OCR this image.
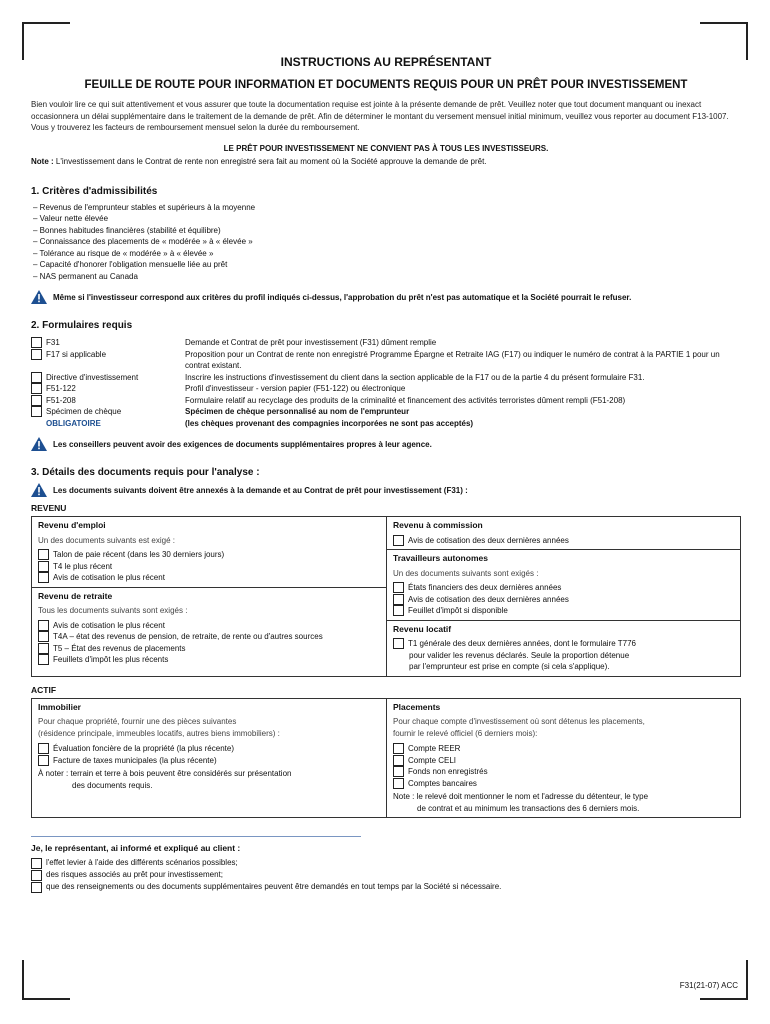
INSTRUCTIONS AU REPRÉSENTANT
FEUILLE DE ROUTE POUR INFORMATION ET DOCUMENTS REQUIS POUR UN PRÊT POUR INVESTISSEMENT
Bien vouloir lire ce qui suit attentivement et vous assurer que toute la documentation requise est jointe à la présente demande de prêt. Veuillez noter que tout document manquant ou inexact occasionnera un délai supplémentaire dans le traitement de la demande de prêt. Afin de déterminer le montant du versement mensuel initial minimum, veuillez vous reporter au document F13-1007. Vous y trouverez les facteurs de remboursement mensuel selon la durée du remboursement.
LE PRÊT POUR INVESTISSEMENT NE CONVIENT PAS À TOUS LES INVESTISSEURS.
Note : L'investissement dans le Contrat de rente non enregistré sera fait au moment où la Société approuve la demande de prêt.
1. Critères d'admissibilités
– Revenus de l'emprunteur stables et supérieurs à la moyenne
– Valeur nette élevée
– Bonnes habitudes financières (stabilité et équilibre)
– Connaissance des placements de « modérée » à « élevée »
– Tolérance au risque de « modérée » à « élevée »
– Capacité d'honorer l'obligation mensuelle liée au prêt
– NAS permanent au Canada
Même si l'investisseur correspond aux critères du profil indiqués ci-dessus, l'approbation du prêt n'est pas automatique et la Société pourrait le refuser.
2. Formulaires requis
F31
F17 si applicable
Directive d'investissement
F51-122
F51-208
Spécimen de chèque
OBLIGATOIRE
Demande et Contrat de prêt pour investissement (F31) dûment remplie
Proposition pour un Contrat de rente non enregistré Programme Épargne et Retraite IAG (F17) ou indiquer le numéro de contrat à la PARTIE 1 pour un contrat existant.
Inscrire les instructions d'investissement du client dans la section applicable de la F17 ou de la partie 4 du présent formulaire F31.
Profil d'investisseur - version papier (F51-122) ou électronique
Formulaire relatif au recyclage des produits de la criminalité et financement des activités terroristes dûment rempli (F51-208)
Spécimen de chèque personnalisé au nom de l'emprunteur
(les chèques provenant des compagnies incorporées ne sont pas acceptés)
Les conseillers peuvent avoir des exigences de documents supplémentaires propres à leur agence.
3. Détails des documents requis pour l'analyse :
Les documents suivants doivent être annexés à la demande et au Contrat de prêt pour investissement (F31) :
REVENU
Revenu d'emploi
Un des documents suivants est exigé :
Talon de paie récent (dans les 30 derniers jours)
T4 le plus récent
Avis de cotisation le plus récent
Revenu de retraite
Tous les documents suivants sont exigés :
Avis de cotisation le plus récent
T4A – état des revenus de pension, de retraite, de rente ou d'autres sources
T5 – État des revenus de placements
Feuillets d'impôt les plus récents
Revenu à commission
Avis de cotisation des deux dernières années
Travailleurs autonomes
Un des documents suivants sont exigés :
États financiers des deux dernières années
Avis de cotisation des deux dernières années
Feuillet d'impôt si disponible
Revenu locatif
T1 générale des deux dernières années, dont le formulaire T776
pour valider les revenus déclarés. Seule la proportion détenue
par l'emprunteur est prise en compte (si cela s'applique).
ACTIF
Immobilier
Pour chaque propriété, fournir une des pièces suivantes
(résidence principale, immeubles locatifs, autres biens immobiliers) :
Évaluation foncière de la propriété (la plus récente)
Facture de taxes municipales (la plus récente)
À noter : terrain et terre à bois peuvent être considérés sur présentation
des documents requis.
Placements
Pour chaque compte d'investissement où sont détenus les placements,
fournir le relevé officiel (6 derniers mois):
Compte REER
Compte CELI
Fonds non enregistrés
Comptes bancaires
Note : le relevé doit mentionner le nom et l'adresse du détenteur, le type
de contrat et au minimum les transactions des 6 derniers mois.
Je, le représentant, ai informé et expliqué au client :
l'effet levier à l'aide des différents scénarios possibles;
des risques associés au prêt pour investissement;
que des renseignements ou des documents supplémentaires peuvent être demandés en tout temps par la Société si nécessaire.
F31(21-07) ACC
